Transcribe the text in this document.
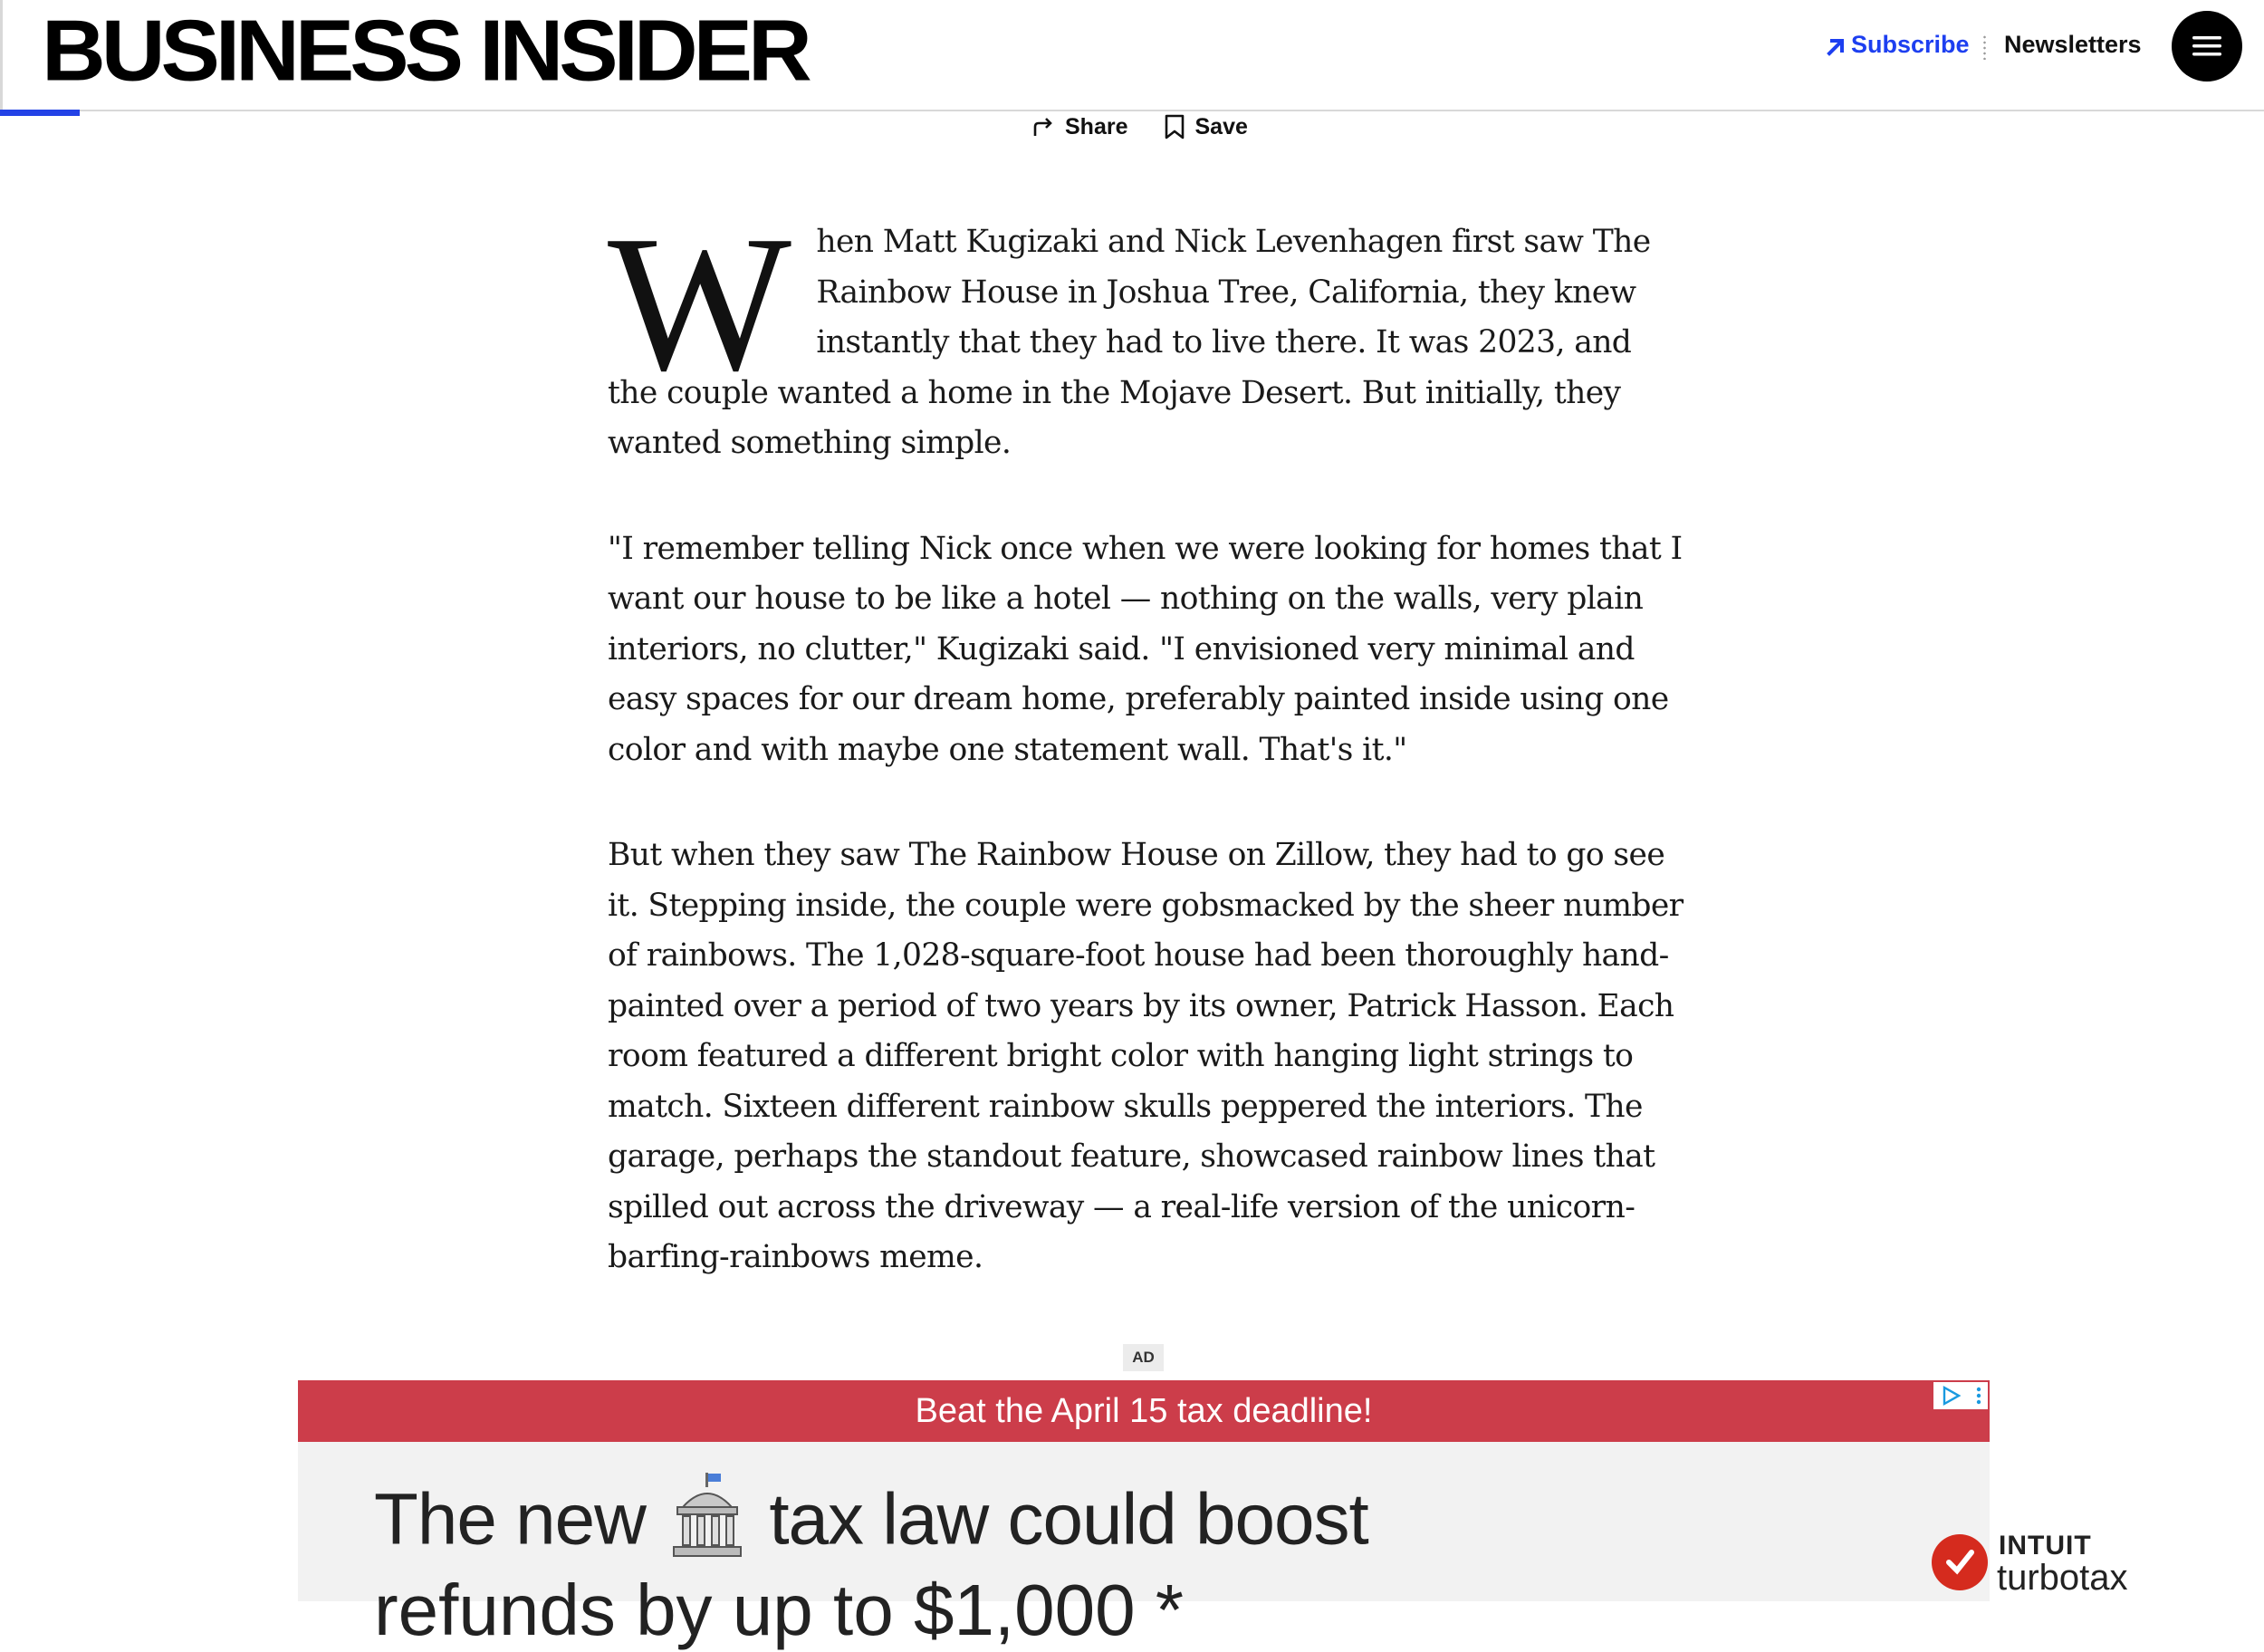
BUSINESS INSIDER	Subscribe Newsletters
Share	Save

When Matt Kugizaki and Nick Levenhagen first saw The Rainbow House in Joshua Tree, California, they knew instantly that they had to live there. It was 2023, and the couple wanted a home in the Mojave Desert. But initially, they wanted something simple.

"I remember telling Nick once when we were looking for homes that I want our house to be like a hotel — nothing on the walls, very plain interiors, no clutter," Kugizaki said. "I envisioned very minimal and easy spaces for our dream home, preferably painted inside using one color and with maybe one statement wall. That's it."

But when they saw The Rainbow House on Zillow, they had to go see it. Stepping inside, the couple were gobsmacked by the sheer number of rainbows. The 1,028-square-foot house had been thoroughly hand-painted over a period of two years by its owner, Patrick Hasson. Each room featured a different bright color with hanging light strings to match. Sixteen different rainbow skulls peppered the interiors. The garage, perhaps the standout feature, showcased rainbow lines that spilled out across the driveway — a real-life version of the unicorn-barfing-rainbows meme.

AD
Beat the April 15 tax deadline!
The new tax law could boost
refunds by up to $1,000 *
INTUIT
turbotax
